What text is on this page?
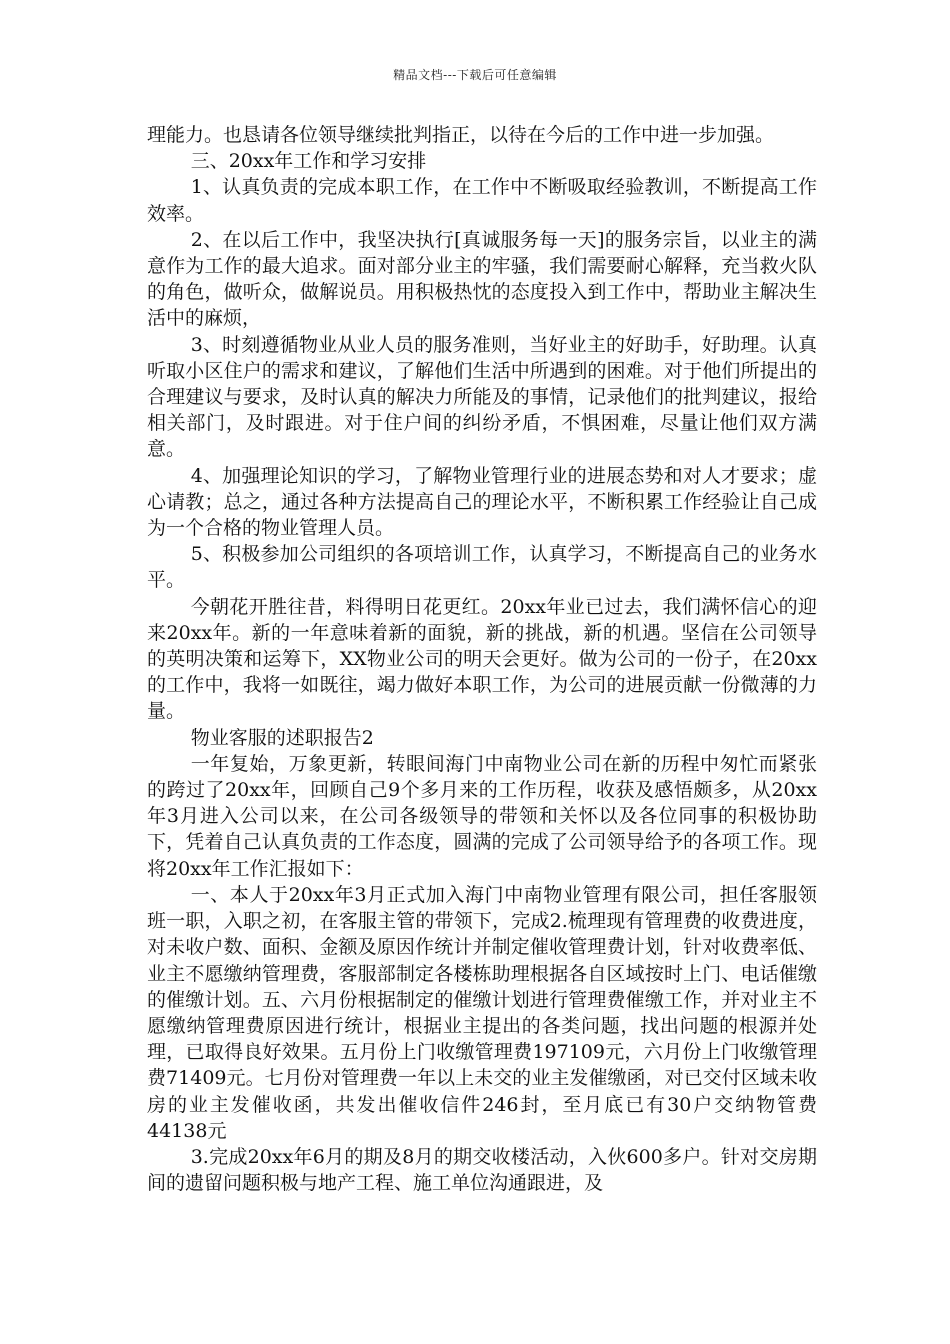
精品文档---下载后可任意编辑

理能力。也恳请各位领导继续批判指正，以待在今后的工作中进一步加强。

三、20xx年工作和学习安排

1、认真负责的完成本职工作，在工作中不断吸取经验教训，不断提高工作效率。

2、在以后工作中，我坚决执行[真诚服务每一天]的服务宗旨，以业主的满意作为工作的最大追求。面对部分业主的牢骚，我们需要耐心解释，充当救火队的角色，做听众，做解说员。用积极热忱的态度投入到工作中，帮助业主解决生活中的麻烦，

3、时刻遵循物业从业人员的服务准则，当好业主的好助手，好助理。认真听取小区住户的需求和建议，了解他们生活中所遇到的困难。对于他们所提出的合理建议与要求，及时认真的解决力所能及的事情，记录他们的批判建议，报给相关部门，及时跟进。对于住户间的纠纷矛盾，不惧困难，尽量让他们双方满意。

4、加强理论知识的学习，了解物业管理行业的进展态势和对人才要求；虚心请教；总之，通过各种方法提高自己的理论水平，不断积累工作经验让自己成为一个合格的物业管理人员。

5、积极参加公司组织的各项培训工作，认真学习，不断提高自己的业务水平。

今朝花开胜往昔，料得明日花更红。20xx年业已过去，我们满怀信心的迎来20xx年。新的一年意味着新的面貌，新的挑战，新的机遇。坚信在公司领导的英明决策和运筹下，XX物业公司的明天会更好。做为公司的一份子，在20xx的工作中，我将一如既往，竭力做好本职工作，为公司的进展贡献一份微薄的力量。

物业客服的述职报告2

一年复始，万象更新，转眼间海门中南物业公司在新的历程中匆忙而紧张的跨过了20xx年，回顾自己9个多月来的工作历程，收获及感悟颇多，从20xx年3月进入公司以来，在公司各级领导的带领和关怀以及各位同事的积极协助下，凭着自己认真负责的工作态度，圆满的完成了公司领导给予的各项工作。现将20xx年工作汇报如下：

一、本人于20xx年3月正式加入海门中南物业管理有限公司，担任客服领班一职，入职之初，在客服主管的带领下，完成2.梳理现有管理费的收费进度，对未收户数、面积、金额及原因作统计并制定催收管理费计划，针对收费率低、业主不愿缴纳管理费，客服部制定各楼栋助理根据各自区域按时上门、电话催缴的催缴计划。五、六月份根据制定的催缴计划进行管理费催缴工作，并对业主不愿缴纳管理费原因进行统计，根据业主提出的各类问题，找出问题的根源并处理，已取得良好效果。五月份上门收缴管理费197109元，六月份上门收缴管理费71409元。七月份对管理费一年以上未交的业主发催缴函，对已交付区域未收房的业主发催收函，共发出催收信件246封，至月底已有30户交纳物管费44138元

3.完成20xx年6月的期及8月的期交收楼活动，入伙600多户。针对交房期间的遗留问题积极与地产工程、施工单位沟通跟进，及
